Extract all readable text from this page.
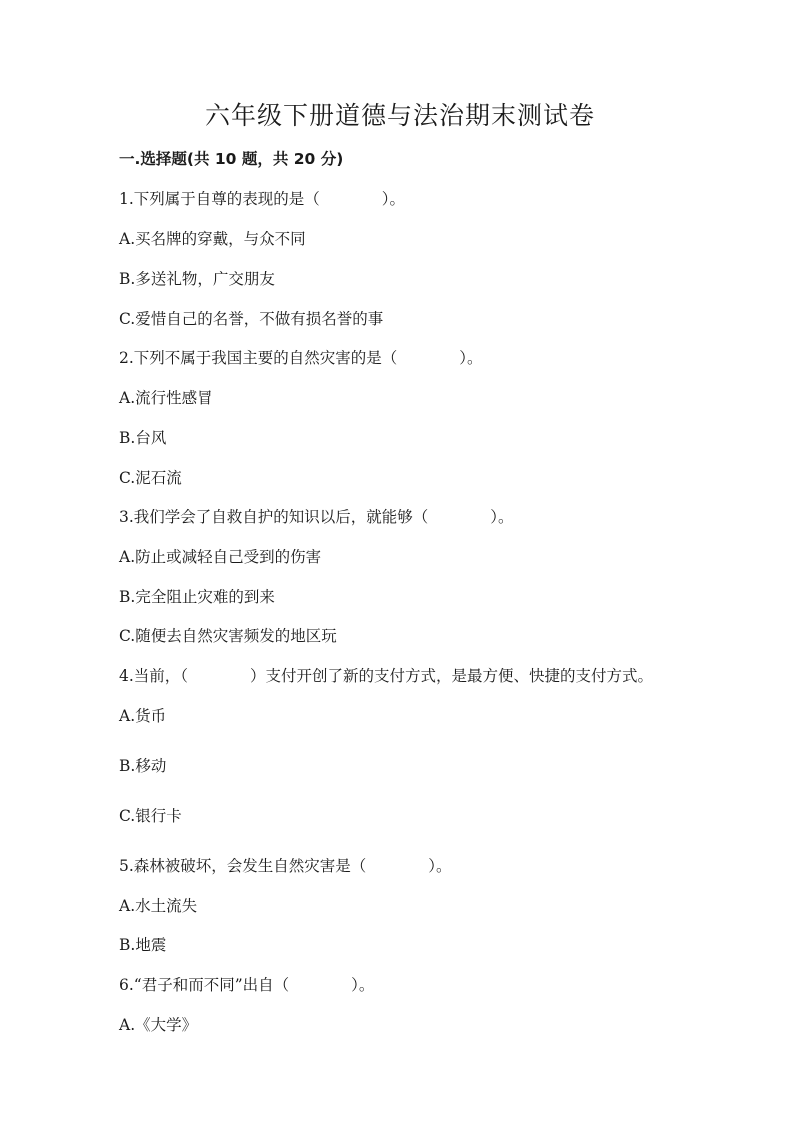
六年级下册道德与法治期末测试卷
一.选择题(共 10 题，共 20 分)
1.下列属于自尊的表现的是（　　　　）。
A.买名牌的穿戴，与众不同
B.多送礼物，广交朋友
C.爱惜自己的名誉，不做有损名誉的事
2.下列不属于我国主要的自然灾害的是（　　　　）。
A.流行性感冒
B.台风
C.泥石流
3.我们学会了自救自护的知识以后，就能够（　　　　）。
A.防止或减轻自己受到的伤害
B.完全阻止灾难的到来
C.随便去自然灾害频发的地区玩
4.当前，（　　　　）支付开创了新的支付方式，是最方便、快捷的支付方式。
A.货币
B.移动
C.银行卡
5.森林被破坏，会发生自然灾害是（　　　　）。
A.水土流失
B.地震
6.“君子和而不同”出自（　　　　）。
A.《大学》
